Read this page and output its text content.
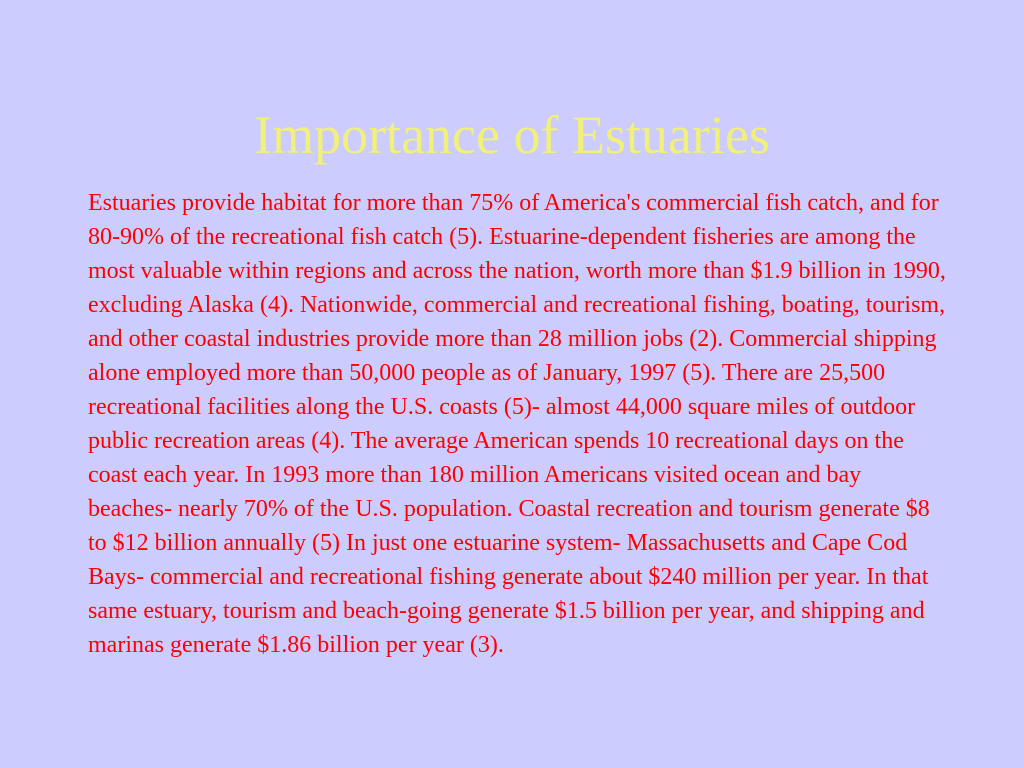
Importance of Estuaries

Estuaries provide habitat for more than 75% of America's commercial fish catch, and for 80-90% of the recreational fish catch (5). Estuarine-dependent fisheries are among the most valuable within regions and across the nation, worth more than $1.9 billion in 1990, excluding Alaska (4). Nationwide, commercial and recreational fishing, boating, tourism, and other coastal industries provide more than 28 million jobs (2). Commercial shipping alone employed more than 50,000 people as of January, 1997 (5). There are 25,500 recreational facilities along the U.S. coasts (5)- almost 44,000 square miles of outdoor public recreation areas (4). The average American spends 10 recreational days on the coast each year. In 1993 more than 180 million Americans visited ocean and bay beaches- nearly 70% of the U.S. population. Coastal recreation and tourism generate $8 to $12 billion annually (5) In just one estuarine system- Massachusetts and Cape Cod Bays- commercial and recreational fishing generate about $240 million per year. In that same estuary, tourism and beach-going generate $1.5 billion per year, and shipping and marinas generate $1.86 billion per year (3).
